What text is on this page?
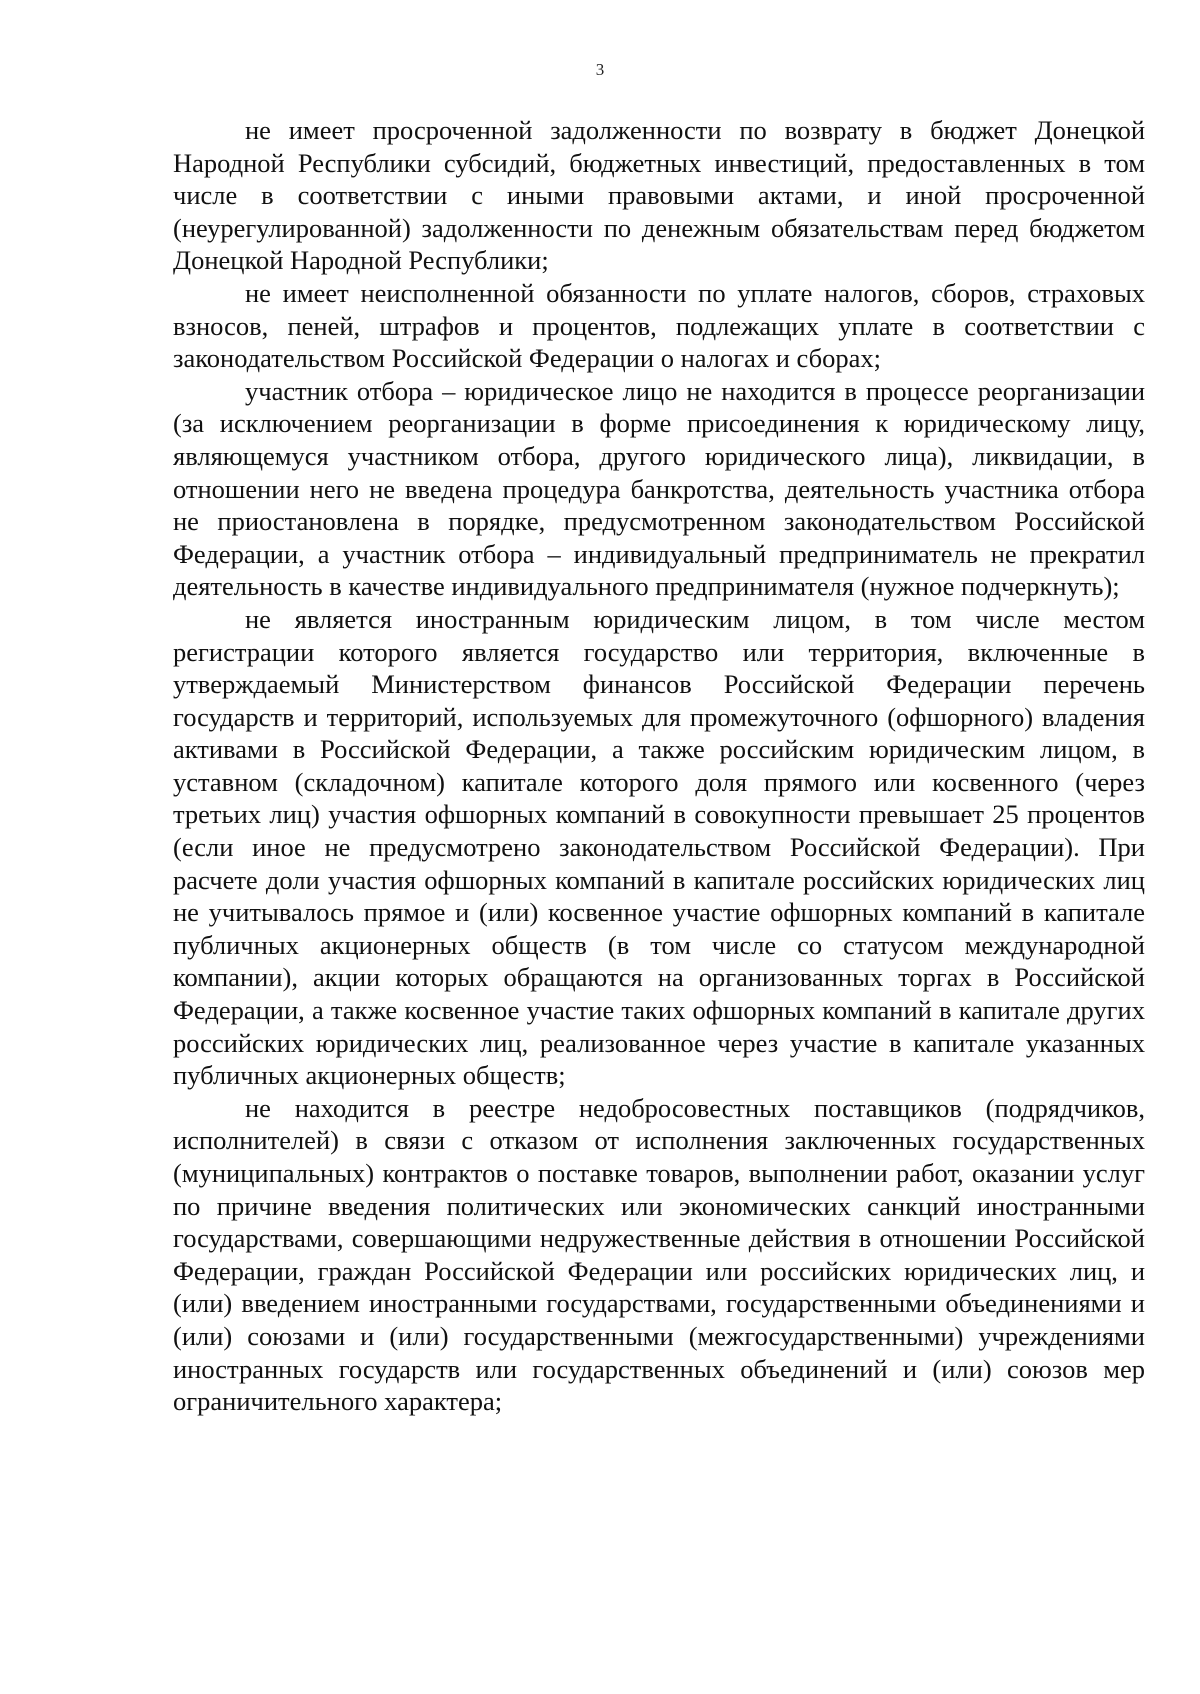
3

не имеет просроченной задолженности по возврату в бюджет Донецкой Народной Республики субсидий, бюджетных инвестиций, предоставленных в том числе в соответствии с иными правовыми актами, и иной просроченной (неурегулированной) задолженности по денежным обязательствам перед бюджетом Донецкой Народной Республики;

не имеет неисполненной обязанности по уплате налогов, сборов, страховых взносов, пеней, штрафов и процентов, подлежащих уплате в соответствии с законодательством Российской Федерации о налогах и сборах;

участник отбора – юридическое лицо не находится в процессе реорганизации (за исключением реорганизации в форме присоединения к юридическому лицу, являющемуся участником отбора, другого юридического лица), ликвидации, в отношении него не введена процедура банкротства, деятельность участника отбора не приостановлена в порядке, предусмотренном законодательством Российской Федерации, а участник отбора – индивидуальный предприниматель не прекратил деятельность в качестве индивидуального предпринимателя (нужное подчеркнуть);

не является иностранным юридическим лицом, в том числе местом регистрации которого является государство или территория, включенные в утверждаемый Министерством финансов Российской Федерации перечень государств и территорий, используемых для промежуточного (офшорного) владения активами в Российской Федерации, а также российским юридическим лицом, в уставном (складочном) капитале которого доля прямого или косвенного (через третьих лиц) участия офшорных компаний в совокупности превышает 25 процентов (если иное не предусмотрено законодательством Российской Федерации). При расчете доли участия офшорных компаний в капитале российских юридических лиц не учитывалось прямое и (или) косвенное участие офшорных компаний в капитале публичных акционерных обществ (в том числе со статусом международной компании), акции которых обращаются на организованных торгах в Российской Федерации, а также косвенное участие таких офшорных компаний в капитале других российских юридических лиц, реализованное через участие в капитале указанных публичных акционерных обществ;

не находится в реестре недобросовестных поставщиков (подрядчиков, исполнителей) в связи с отказом от исполнения заключенных государственных (муниципальных) контрактов о поставке товаров, выполнении работ, оказании услуг по причине введения политических или экономических санкций иностранными государствами, совершающими недружественные действия в отношении Российской Федерации, граждан Российской Федерации или российских юридических лиц, и (или) введением иностранными государствами, государственными объединениями и (или) союзами и (или) государственными (межгосударственными) учреждениями иностранных государств или государственных объединений и (или) союзов мер ограничительного характера;
